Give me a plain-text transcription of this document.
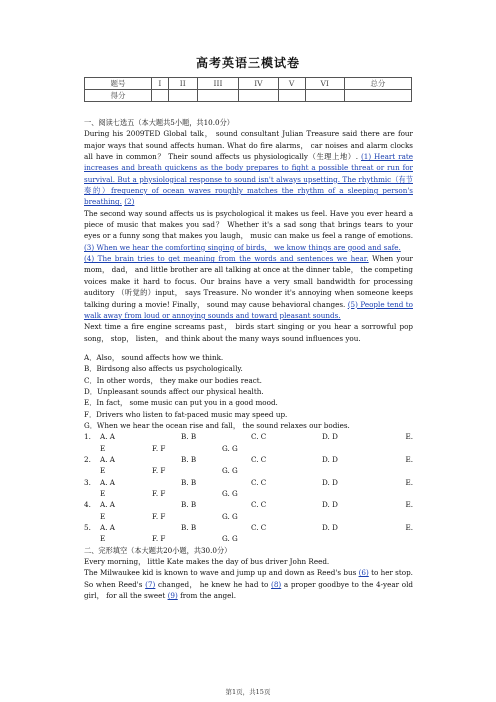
高考英语三模试卷
题号	I	II	III	IV	V	VI	总分
得分							

一、阅读七选五（本大题共5小题，共10.0分）

During his 2009TED Global talk， sound consultant Julian Treasure said there are four major ways that sound affects human. What do fire alarms， car noises and alarm clocks all have in common？ Their sound affects us physiologically（生理上地）. (1) Heart rate increases and breath quickens as the body prepares to fight a possible threat or run for survival. But a physiological response to sound isn't always upsetting. The rhythmic（有节奏的）frequency of ocean waves roughly matches the rhythm of a sleeping person's breathing. (2)

The second way sound affects us is psychological it makes us feel. Have you ever heard a piece of music that makes you sad？ Whether it's a sad song that brings tears to your eyes or a funny song that makes you laugh， music can make us feel a range of emotions. (3) When we hear the comforting singing of birds， we know things are good and safe.

(4) The brain tries to get meaning from the words and sentences we hear. When your mom， dad， and little brother are all talking at once at the dinner table， the competing voices make it hard to focus. Our brains have a very small bandwidth for processing auditory （听觉的）input， says Treasure. No wonder it's annoying when someone keeps talking during a movie! Finally， sound may cause behavioral changes. (5) People tend to walk away from loud or annoying sounds and toward pleasant sounds.

Next time a fire engine screams past， birds start singing or you hear a sorrowful pop song， stop， listen， and think about the many ways sound influences you.

A．Also， sound affects how we think.

B．Birdsong also affects us psychologically.

C．In other words， they make our bodies react.

D．Unpleasant sounds affect our physical health.

E．In fact， some music can put you in a good mood.

F．Drivers who listen to fat-paced music may speed up.

G．When we hear the ocean rise and fall， the sound relaxes our bodies.

1.	A. A	B. B	C. C	D. D	E.
E	F. F	G. G
2.	A. A	B. B	C. C	D. D	E.
E	F. F	G. G
3.	A. A	B. B	C. C	D. D	E.
E	F. F	G. G
4.	A. A	B. B	C. C	D. D	E.
E	F. F	G. G
5.	A. A	B. B	C. C	D. D	E.
E	F. F	G. G

二、完形填空（本大题共20小题，共30.0分）

Every morning， little Kate makes the day of bus driver John Reed.

The Milwaukee kid is known to wave and jump up and down as Reed's bus (6) to her stop. So when Reed's (7) changed， he knew he had to (8) a proper goodbye to the 4-year old girl， for all the sweet (9) from the angel.

第1页，共15页
